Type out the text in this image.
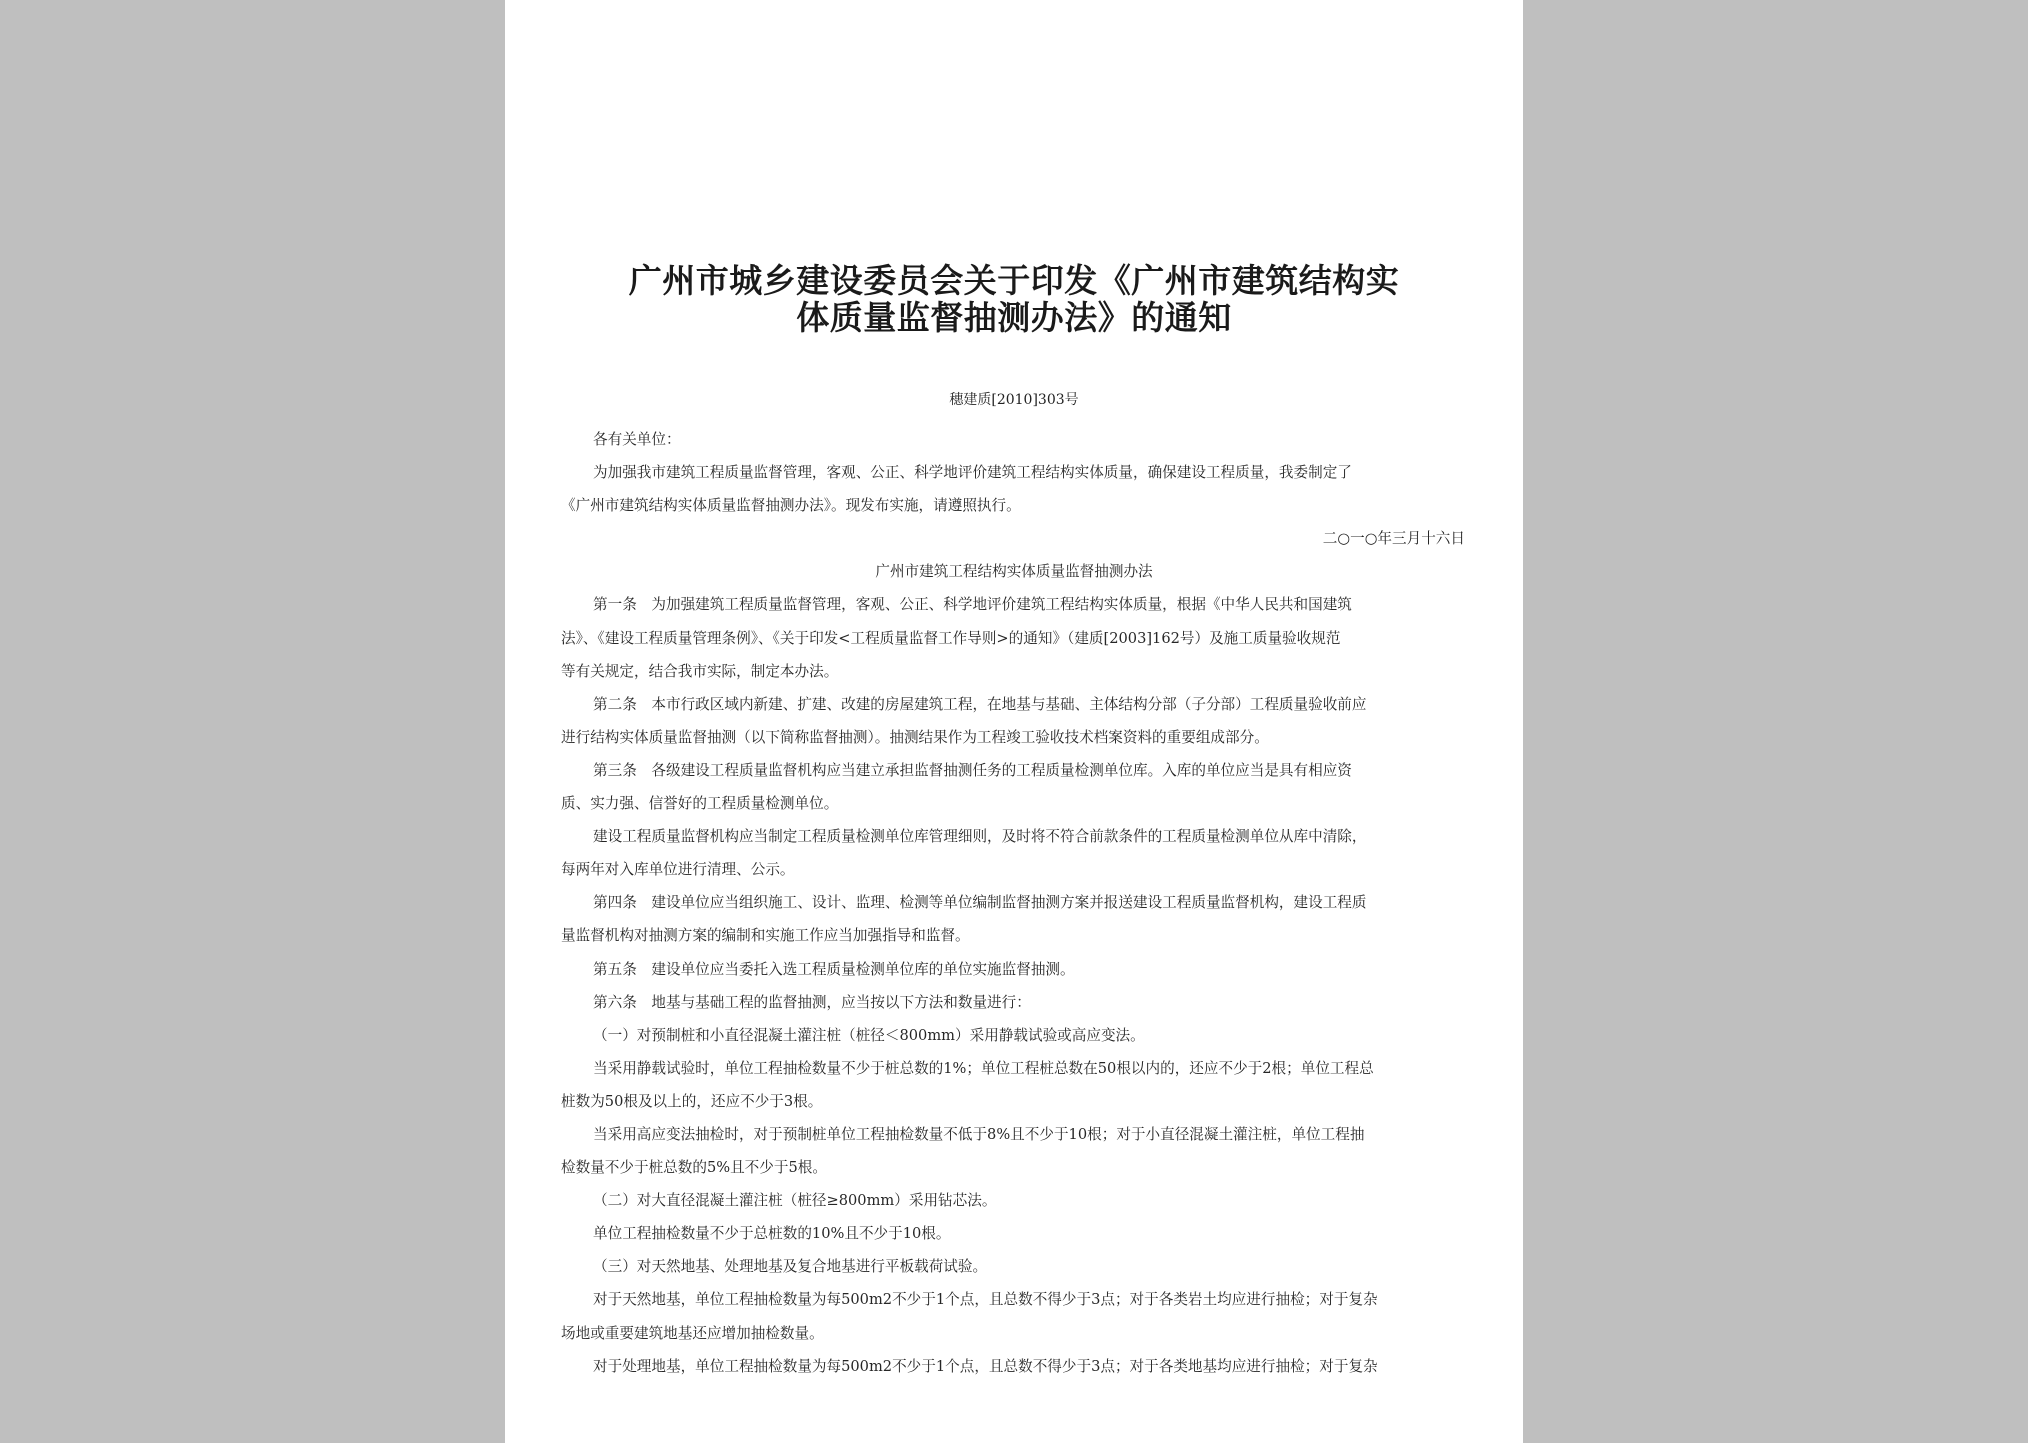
广州市城乡建设委员会关于印发《广州市建筑结构实
体质量监督抽测办法》的通知
穗建质[2010]303号
各有关单位：
为加强我市建筑工程质量监督管理，客观、公正、科学地评价建筑工程结构实体质量，确保建设工程质量，我委制定了
《广州市建筑结构实体质量监督抽测办法》。现发布实施，请遵照执行。
二○一○年三月十六日
广州市建筑工程结构实体质量监督抽测办法
第一条　为加强建筑工程质量监督管理，客观、公正、科学地评价建筑工程结构实体质量，根据《中华人民共和国建筑
法》、《建设工程质量管理条例》、《关于印发<工程质量监督工作导则>的通知》（建质[2003]162号）及施工质量验收规范
等有关规定，结合我市实际，制定本办法。
第二条　本市行政区域内新建、扩建、改建的房屋建筑工程，在地基与基础、主体结构分部（子分部）工程质量验收前应
进行结构实体质量监督抽测（以下简称监督抽测）。抽测结果作为工程竣工验收技术档案资料的重要组成部分。
第三条　各级建设工程质量监督机构应当建立承担监督抽测任务的工程质量检测单位库。入库的单位应当是具有相应资
质、实力强、信誉好的工程质量检测单位。
建设工程质量监督机构应当制定工程质量检测单位库管理细则，及时将不符合前款条件的工程质量检测单位从库中清除，
每两年对入库单位进行清理、公示。
第四条　建设单位应当组织施工、设计、监理、检测等单位编制监督抽测方案并报送建设工程质量监督机构，建设工程质
量监督机构对抽测方案的编制和实施工作应当加强指导和监督。
第五条　建设单位应当委托入选工程质量检测单位库的单位实施监督抽测。
第六条　地基与基础工程的监督抽测，应当按以下方法和数量进行：
（一）对预制桩和小直径混凝土灌注桩（桩径＜800mm）采用静载试验或高应变法。
当采用静载试验时，单位工程抽检数量不少于桩总数的1%；单位工程桩总数在50根以内的，还应不少于2根；单位工程总
桩数为50根及以上的，还应不少于3根。
当采用高应变法抽检时，对于预制桩单位工程抽检数量不低于8%且不少于10根；对于小直径混凝土灌注桩，单位工程抽
检数量不少于桩总数的5%且不少于5根。
（二）对大直径混凝土灌注桩（桩径≥800mm）采用钻芯法。
单位工程抽检数量不少于总桩数的10%且不少于10根。
（三）对天然地基、处理地基及复合地基进行平板载荷试验。
对于天然地基，单位工程抽检数量为每500m2不少于1个点，且总数不得少于3点；对于各类岩土均应进行抽检；对于复杂
场地或重要建筑地基还应增加抽检数量。
对于处理地基，单位工程抽检数量为每500m2不少于1个点，且总数不得少于3点；对于各类地基均应进行抽检；对于复杂
